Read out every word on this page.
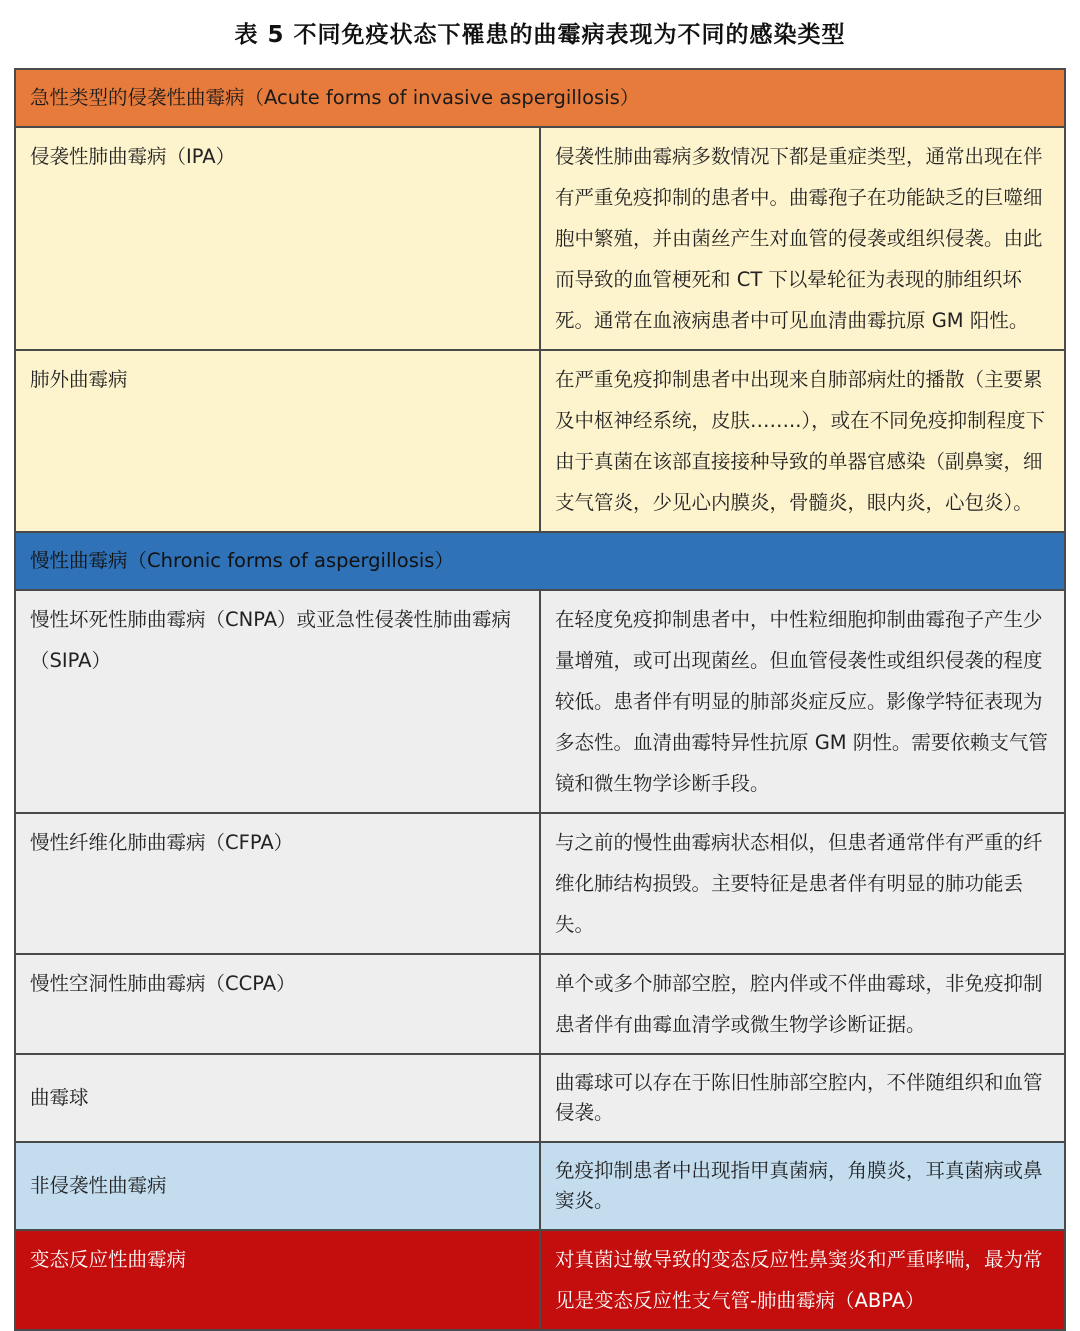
表 5 不同免疫状态下罹患的曲霉病表现为不同的感染类型
急性类型的侵袭性曲霉病（Acute forms of invasive aspergillosis）	
侵袭性肺曲霉病（IPA）	侵袭性肺曲霉病多数情况下都是重症类型，通常出现在伴有严重免疫抑制的患者中。曲霉孢子在功能缺乏的巨噬细胞中繁殖，并由菌丝产生对血管的侵袭或组织侵袭。由此而导致的血管梗死和 CT 下以晕轮征为表现的肺组织坏死。通常在血液病患者中可见血清曲霉抗原 GM 阳性。
肺外曲霉病	在严重免疫抑制患者中出现来自肺部病灶的播散（主要累及中枢神经系统，皮肤……..），或在不同免疫抑制程度下由于真菌在该部直接接种导致的单器官感染（副鼻窦，细支气管炎，少见心内膜炎，骨髓炎，眼内炎，心包炎）。
慢性曲霉病（Chronic forms of aspergillosis）	
慢性坏死性肺曲霉病（CNPA）或亚急性侵袭性肺曲霉病（SIPA）	在轻度免疫抑制患者中，中性粒细胞抑制曲霉孢子产生少量增殖，或可出现菌丝。但血管侵袭性或组织侵袭的程度较低。患者伴有明显的肺部炎症反应。影像学特征表现为多态性。血清曲霉特异性抗原 GM 阴性。需要依赖支气管镜和微生物学诊断手段。
慢性纤维化肺曲霉病（CFPA）	与之前的慢性曲霉病状态相似，但患者通常伴有严重的纤维化肺结构损毁。主要特征是患者伴有明显的肺功能丢失。
慢性空洞性肺曲霉病（CCPA）	单个或多个肺部空腔，腔内伴或不伴曲霉球，非免疫抑制患者伴有曲霉血清学或微生物学诊断证据。
曲霉球	曲霉球可以存在于陈旧性肺部空腔内，不伴随组织和血管侵袭。
非侵袭性曲霉病	免疫抑制患者中出现指甲真菌病，角膜炎，耳真菌病或鼻窦炎。
变态反应性曲霉病	对真菌过敏导致的变态反应性鼻窦炎和严重哮喘，最为常见是变态反应性支气管-肺曲霉病（ABPA）
